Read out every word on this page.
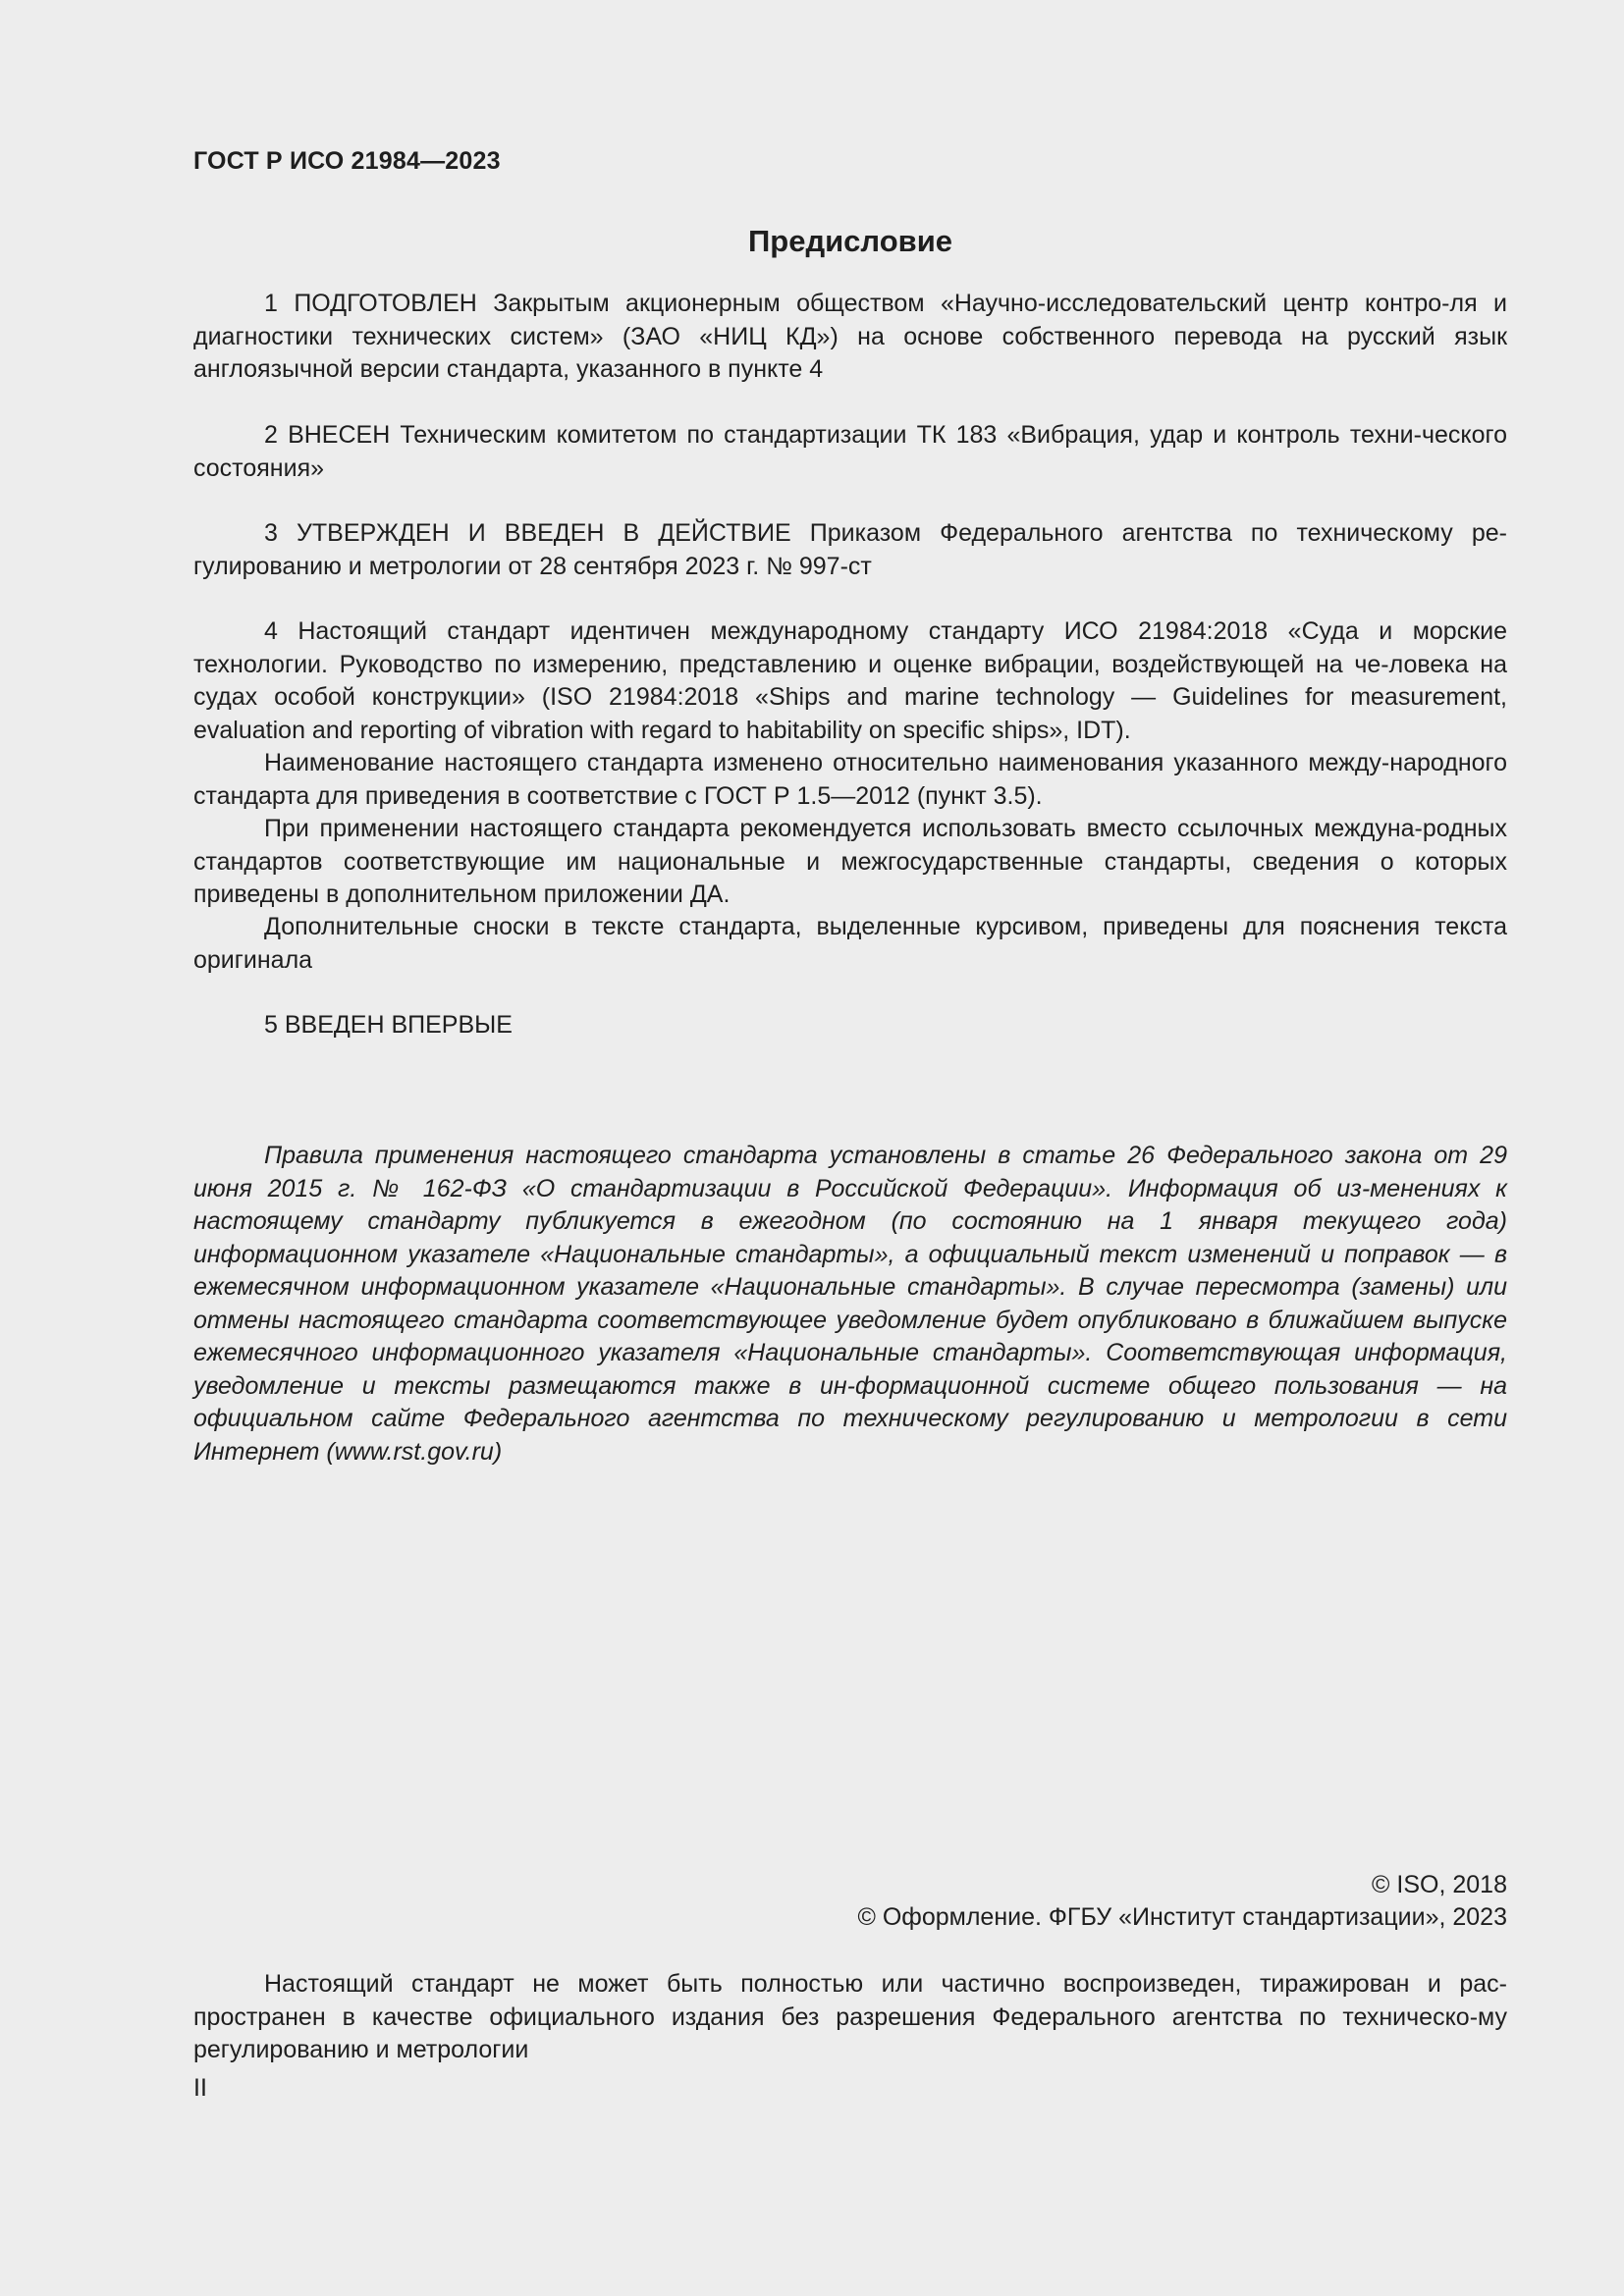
ГОСТ Р ИСО 21984—2023
Предисловие

1 ПОДГОТОВЛЕН Закрытым акционерным обществом «Научно-исследовательский центр контро-ля и диагностики технических систем» (ЗАО «НИЦ КД») на основе собственного перевода на русский язык англоязычной версии стандарта, указанного в пункте 4

2 ВНЕСЕН Техническим комитетом по стандартизации ТК 183 «Вибрация, удар и контроль техни-ческого состояния»

3 УТВЕРЖДЕН И ВВЕДЕН В ДЕЙСТВИЕ Приказом Федерального агентства по техническому ре-гулированию и метрологии от 28 сентября 2023 г. № 997-ст

4 Настоящий стандарт идентичен международному стандарту ИСО 21984:2018 «Суда и морские технологии. Руководство по измерению, представлению и оценке вибрации, воздействующей на че-ловека на судах особой конструкции» (ISO 21984:2018 «Ships and marine technology — Guidelines for measurement, evaluation and reporting of vibration with regard to habitability on specific ships», IDT).

Наименование настоящего стандарта изменено относительно наименования указанного между-народного стандарта для приведения в соответствие с ГОСТ Р 1.5—2012 (пункт 3.5).

При применении настоящего стандарта рекомендуется использовать вместо ссылочных междуна-родных стандартов соответствующие им национальные и межгосударственные стандарты, сведения о которых приведены в дополнительном приложении ДА.

Дополнительные сноски в тексте стандарта, выделенные курсивом, приведены для пояснения текста оригинала

5 ВВЕДЕН ВПЕРВЫЕ

Правила применения настоящего стандарта установлены в статье 26 Федерального закона от 29 июня 2015 г. № 162-ФЗ «О стандартизации в Российской Федерации». Информация об из-менениях к настоящему стандарту публикуется в ежегодном (по состоянию на 1 января текущего года) информационном указателе «Национальные стандарты», а официальный текст изменений и поправок — в ежемесячном информационном указателе «Национальные стандарты». В случае пересмотра (замены) или отмены настоящего стандарта соответствующее уведомление будет опубликовано в ближайшем выпуске ежемесячного информационного указателя «Национальные стандарты». Соответствующая информация, уведомление и тексты размещаются также в ин-формационной системе общего пользования — на официальном сайте Федерального агентства по техническому регулированию и метрологии в сети Интернет (www.rst.gov.ru)

© ISO, 2018
© Оформление. ФГБУ «Институт стандартизации», 2023

Настоящий стандарт не может быть полностью или частично воспроизведен, тиражирован и рас-пространен в качестве официального издания без разрешения Федерального агентства по техническо-му регулированию и метрологии

II
